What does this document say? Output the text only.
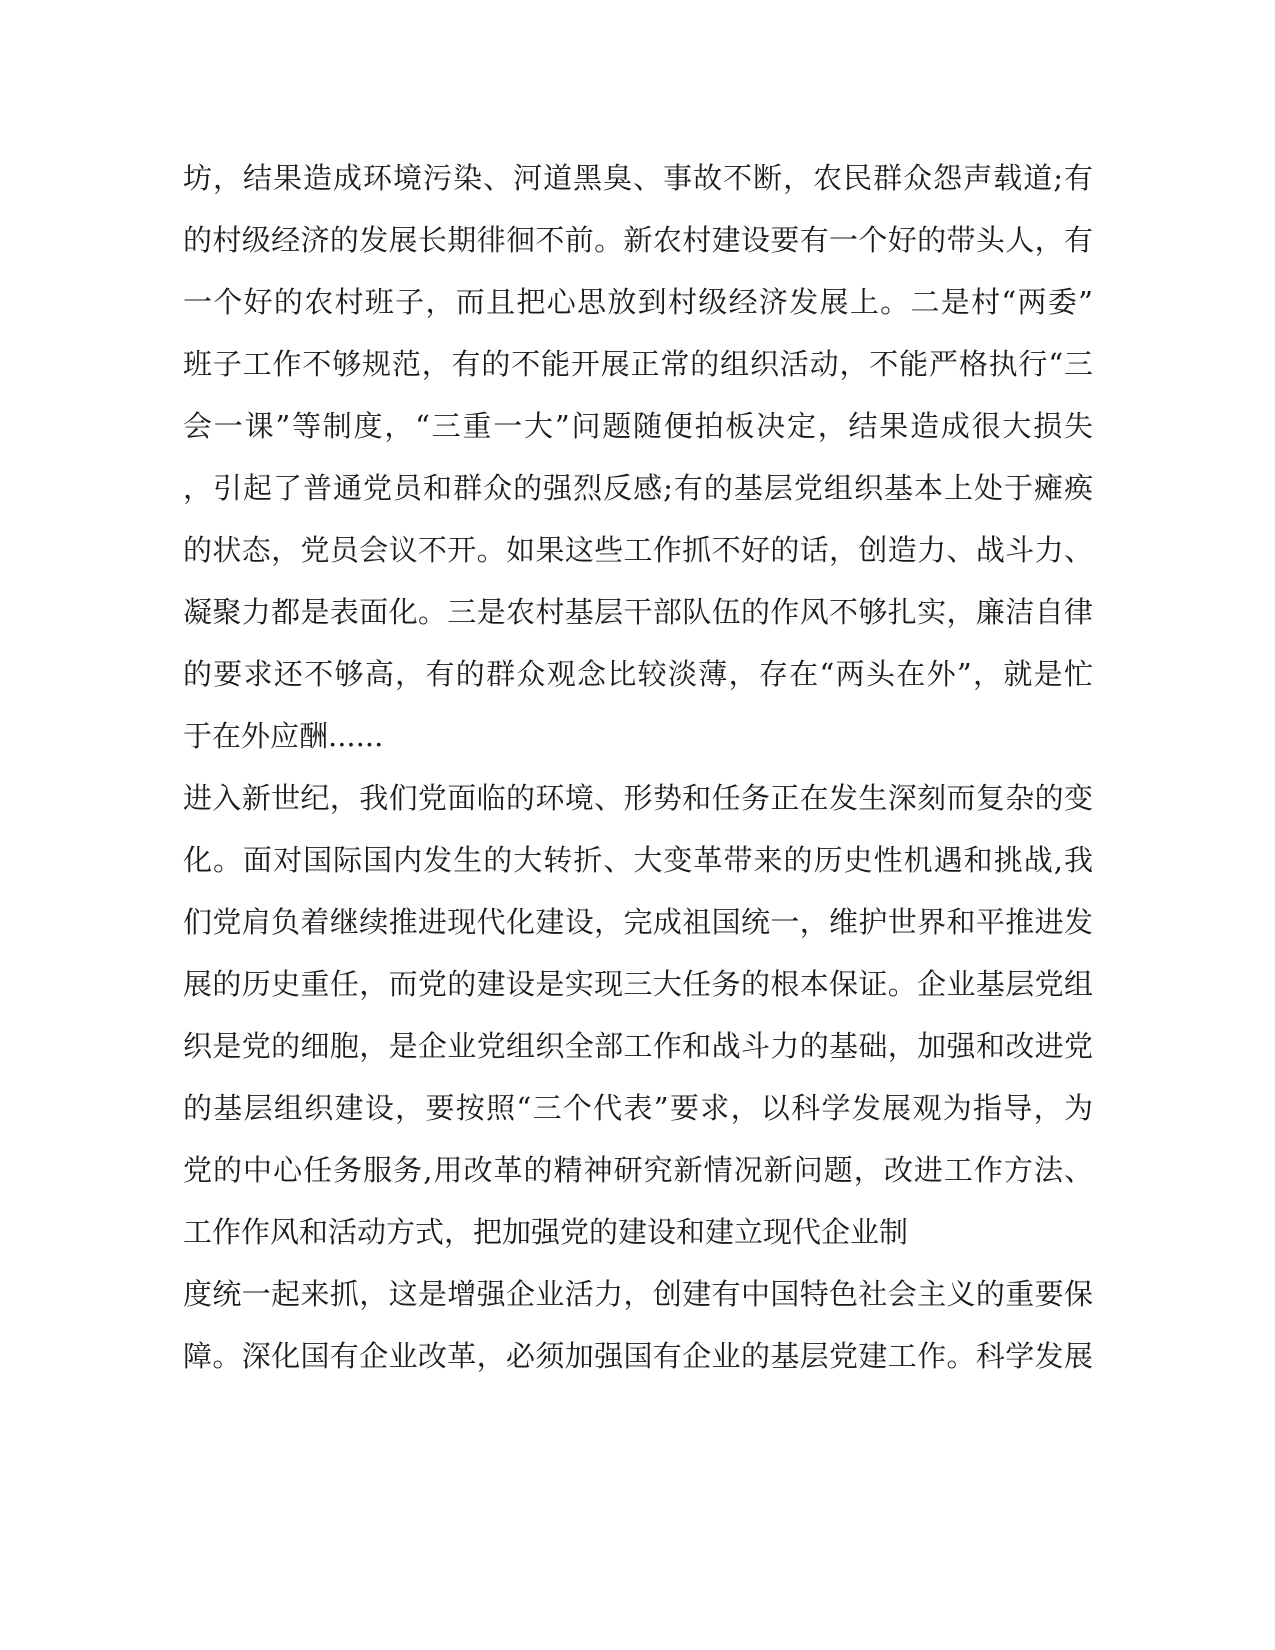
坊，结果造成环境污染、河道黑臭、事故不断，农民群众怨声载道;有
的村级经济的发展长期徘徊不前。新农村建设要有一个好的带头人，有
一个好的农村班子，而且把心思放到村级经济发展上。二是村“两委”
班子工作不够规范，有的不能开展正常的组织活动，不能严格执行“三
会一课”等制度，“三重一大”问题随便拍板决定，结果造成很大损失
，引起了普通党员和群众的强烈反感;有的基层党组织基本上处于瘫痪
的状态，党员会议不开。如果这些工作抓不好的话，创造力、战斗力、
凝聚力都是表面化。三是农村基层干部队伍的作风不够扎实，廉洁自律
的要求还不够高，有的群众观念比较淡薄，存在“两头在外”，就是忙
于在外应酬......
进入新世纪，我们党面临的环境、形势和任务正在发生深刻而复杂的变
化。面对国际国内发生的大转折、大变革带来的历史性机遇和挑战,我
们党肩负着继续推进现代化建设，完成祖国统一，维护世界和平推进发
展的历史重任，而党的建设是实现三大任务的根本保证。企业基层党组
织是党的细胞，是企业党组织全部工作和战斗力的基础，加强和改进党
的基层组织建设，要按照“三个代表”要求，以科学发展观为指导，为
党的中心任务服务,用改革的精神研究新情况新问题，改进工作方法、
工作作风和活动方式，把加强党的建设和建立现代企业制
度统一起来抓，这是增强企业活力，创建有中国特色社会主义的重要保
障。深化国有企业改革，必须加强国有企业的基层党建工作。科学发展
